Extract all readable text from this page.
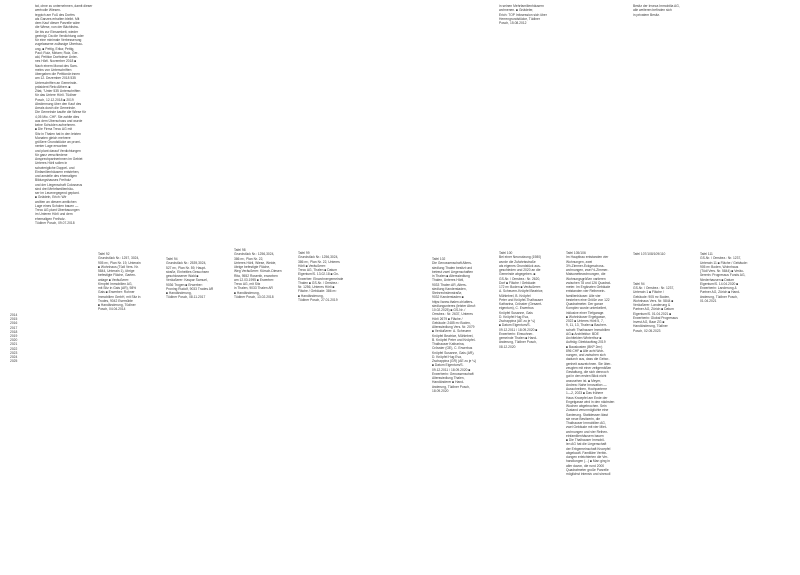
2014
2015
2016
2017
2018
2019
2020
2021
2022
2023
2024
2025
tat, ohne zu unternehmen, damit dieser wertvolle Wiesen-
teppich am Fuß des Dorfes
als Ganzes erhalten bleibt. Mit
dem Kauf dieser Parzelle wäre
die Wiese, von der Bächlistra-
ße bis zur Einsamkeit, wieder
geeinigt. Da die Verdichtung oder
für eine minimale Verbesserung
zugelassene zulässige Überbau-
ung, ■ Pettig, Erika; Pettig,
Paul; Ruiz, Miriam; Ruiz, Ger-
ald, Petition Dorfwiese Unter-
nes Hörli. November 2018 ■
Nach einem Monat des Sam-
melns von Unterschriften
übergaben die Petitionär:innen
am 12. Dezember 2018 535
Unterschriften an Gemeinde-
präsident Reto Altherr. ■
Zitat, "Unter 535 Unterschriften
für das Untere Hörli. Tüdlner
Posch, 12.12.2018 ■ 2019
Abstimmung über den Kauf des
Areals durch die Gemeinde.
Die Gemeinde kaufte die Wiese für
4,05 Mio. CHF. Sie zahlte dies
aus dem Überschuss und wurde
keine Schulden aufnehmen.
■ Die Firma Trecc AG mit
Sitz in Thalen hat in den letzten
Monaten gleich mehrere
größere Grundstücke an promi-
nenter Lage erworben
und plant darauf Verdichtungen
für ganz verschiedene
Ansprechpartnerinnen im Gebiet
Unteres Hörli sollen in
schwierigliche Doppel- und
Einfamilienhäusern entstehen,
und anstelle des ehemaligen
Bildungshauses Freiholz
und der Liegenschaft Colosseus
sind drei Mehrfamilienhäu-
ser im Leuenegegend geplant.
■ Gnädeln, Erich: Wir
wollten an diesem amtlichen
Lage eines Scholen bauen —
Trecc AG plant Überbauungen
im Unteren Hörli und dem
ehemaligen Freiholz.
Tüdlner Posch, 09.07.2018
Tafel 92
Grundstück Nr.: 1257, 3024,
905 m², Plan Nr. 19, Unterain
■ Wohnhaus (Tüdl Vers. Nr.
5844, Unterain 1), übrige
befestigte Fläche, Garten-
anlage ■ Veräußerer:
Kirnpfel Immobilien AG,
mit Sitz in Gais (AR), 98%
Gais ■ Erwerber: Rohner
Immobilien GmbH, mit Sitz in
Trodes, 9042 Esemüble
■ Handänderung, Tüdlner
Posch, 04.04.2014
Tafel 94
Grundstück Nr.: 2539,3024,
527 m², Plan Nr. 59, Haupt-
straße, Einheitles Gesuchsen
geschlossener Wald ■
Veräußerer: Kaspar Samuel,
9036 Trogen ■ Erwerber:
Proning Rudolf, 9033 Trodes AR
■ Handänderung,
Tüdlner Posch, 08.11.2017
Tafel 98
Grundstück Nr.: 1256,3024,
386 m², Plan Nr. 22,
Unteres Hörli, Wiese, Weide,
übrige befestigte Fläche,
Weg Veräußerer: Kürsch-Diesen
Rita, 9552 Rosenth, erworben
am 12.03.1995 ■ Erwerber:
Trecc AG, mit Sitz
in Thalen, 9033 Thalen AR
■ Handänderung,
Tüdlner Posch, 13.02.2018
Tafel 99
Grundstück Nr.: 1256,3024,
386 m², Plan Nr. 22, Unteres
Hörli ■ Veräußerer:
Trecc AG, Thalen ■ Datum
Eigentum/S. 13.02.18 ■ Gn-
Erwerber: Einwohnergemeinde
Thalen ■ GS-Nr. / Omsbez.:
Nr. 1256, Unteres Hörli ■
Fläche / Gebäude: 386 m²
■ Handänderung,
Tüdlner Posch, 27.01.2019
Tafel 102
Die Genossenschaft Alters-
siedlung Thalen besitzt und
betreut zwei Liegenschaften
in Thalen ■ Alterssiedlung
Thalen, Unteres Hörli,
9033 Thalen AR, Alters-
siedlung Kanderstaden,
Steinrechslenstraße,
9032 Kanderstaden ■
https://www.thalen.ch/alters-
siedlungunteres (letzter Abruf:
10.02.2025) ■ GS-Nr. /
Omsbez.: Nr. 2637, Unteres
Hörli 2679 ■ Fläche /
Gebäude: 2485 m² Boden,
Alterssiedlung Vers. Nr. 2079
■ Veräußerer: A. Scheuern
Knöpfel Beatrice, Mühlebrel,
B. Knöpfel Peter und Knöpfel-
Thalhauser Katharina,
Crösster (GE), C. Erwerbus
Knöpfel Susanne, Gais (AR),
D. Knöpfel Hug Eva,
Zschappina (GR) (AE zu je ¼)
■ Datum Eigentum/S.
09.12.2011 / 18.09.2020 ■
Erwerberin: Genossenschaft
Alterssiedlung Thalen,
Handänderer ■ Hand-
änderung, Tüdlner Posch,
18.09.2020
in seinen Mehrfamilienhäusern
wohnenen. ■ Gnädeler,
Erich: TOP Infosession sich über
Herrengrundstücke, Tüdlner
Posch, 15.08.2012
Tafel 100
Bei einer Neunutzung (1980)
wurde die Zufahrtsstraße
als eigenes Grundstück aus-
geschieden und 2020 an die
Gemeinde abgegeben. ■
GS-Nr. / Omsbez.: Nr. 2620,
Dorf ■ Fläche / Gebäude:
172 m² Boden ■ Veräußerer:
A. Scheuern-Knöpfel Beatrice,
Mühlebrel, B. Knöpfel
Peter und Knöpfel-Thalhauser
Katharina, Crösster (Gesamt-
eigentum), C. Erwerbus
Knöpfel Susanne, Gais
D. Knöpfel Hug Eva,
Zschappina (AE zu je ¼)
■ Datum Eigentum/S.
09.12.2011 / 18.09.2020 ■
Erwerberin: Einwohner-
gemeinde Thalen ■ Hand-
änderung, Tüdlner Posch,
08.12.2020
Tafel 105/106
Im Hauptbau entstanden vier
Wohnungen, zwei
3½-Zimmer-Eckgeschoss-
wohnungen, zwei ½-Zimmer-
Maisonettewohnungen, die
Wohnungsgrößen variieren
zwischen 78 und 126 Quadrat-
meter. Im Ergänzten Gebäude
entstanden vier Reihenein-
familienhäuser. Alle vier
bestehen eine Größe von 122
Quadratmeter. Der ganze
Komplex wurde unterkellert,
inklusive einer Tiefgarage.
■ Wohnhäuser Ergelgasse,
2022 ■ Unteres Hörli 5, 7,
9, 11, 13, Thalen ■ Bauherr-
schaft: Thalhauser Immobilien
AG ■ Architektur: BDE
Architekten Winterthur ■
Aufträg: Direktauftrag 2019
■ Bauskosten (BKP 2m²)
896 CHF ■ Alle acht Woh-
nungen, und zwischen sich
dadurch aus, dass die Gebor-
genheit auszeichnen. Sie über-
zeugten mit einer zeitgemäßen
Gestaltung, die sich dennoch
gut in den ersten Blick nicht
anzusehen ist. ■ Meyer,
Andrea: Nahe Innovation —
Ausschreiben, Hochparterre
1—2, 2023 ■ Das frühere
Haus Knoepfel am Ende der
Engelgasse wird in den nächsten
Wochen abgebrochen. Sein
Zustand verunmöglichte eine
Sanierung. Stattdessen lässt
sie neue Besitzerin, die
Thalhauser Immobilien AG,
zwei Gebäude mit vier Miet-
wohnungen und vier Reihen-
einfamilienhäusern bauen
■ Die Thalhauser Immobil-
ien AG hat die Liegenschaft
der Erbgemeinschaft Knoepfel
abgekauft. Familiäre Verbin-
dungen erleichterten die Ver-
handlungen (...) ■ Man ging in
aller davon, die rund 2000
Quadratmeter große Parzelle
möglichst intensiv und sinnvoll
Besitz der Inveca Immobilia AG,
alle weiteren befinden sich
in privatem Besitz.
Tafel 107/108/109/110

Tafel 94
GS-Nr. / Omsbez.: Nr. 1237,
Unterain 1 ■ Fläche /
Gebäude: 905 m² Boden,
Wohnhaus Vers. Nr. 5844 ■
Veräußerer: Landerung &
Partner AG, Zürich ■ Datum
Eigentum/S. 01.04.2021 ■
Erwerberin: Global Progressus
Invest AG, Baar ZG ■
Handänderung, Tüdlner
Posch, 02.05.2023
Tafel 111
GS-Nr. / Omsbez.: Nr. 1237,
Unterain 11 ■ Fläche / Gebäude:
905 m² Boden, Wohnhaus
(Tüdl Vers. Nr. 5844) ■ Veräu-
ßererin: Progressus Funds AG,
Niederhausen ■ Datum
Eigentum/S. 14.04.2020 ■
Erwerberin: Landerung &
Partner AG, Zürich ■ Hand-
änderung, Tüdlner Posch,
01.04.2021
